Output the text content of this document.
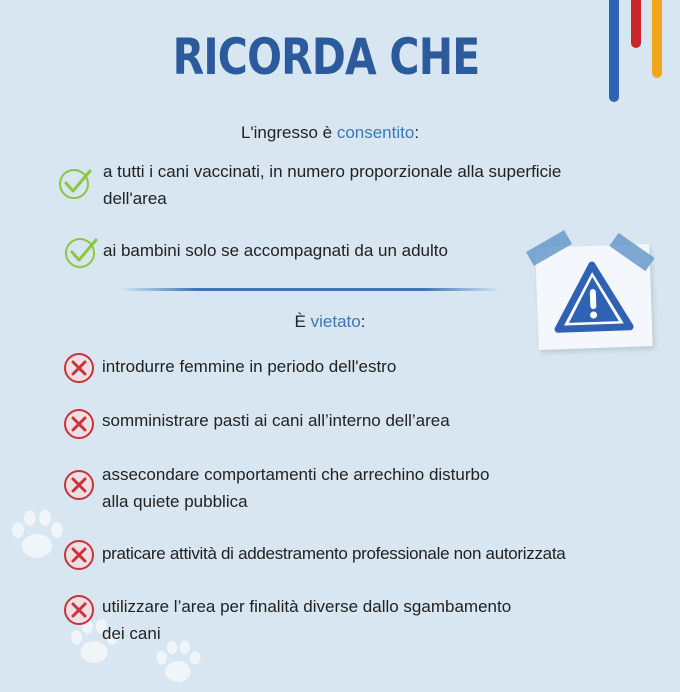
RICORDA CHE
L'ingresso è consentito:
a tutti i cani vaccinati, in numero proporzionale alla superficie
dell'area
ai bambini solo se accompagnati da un adulto
È vietato:
introdurre femmine in periodo dell'estro
somministrare pasti ai cani all’interno dell’area
assecondare comportamenti che arrechino disturbo
alla quiete pubblica
praticare attività di addestramento professionale non autorizzata
utilizzare l’area per finalità diverse dallo sgambamento
dei cani
